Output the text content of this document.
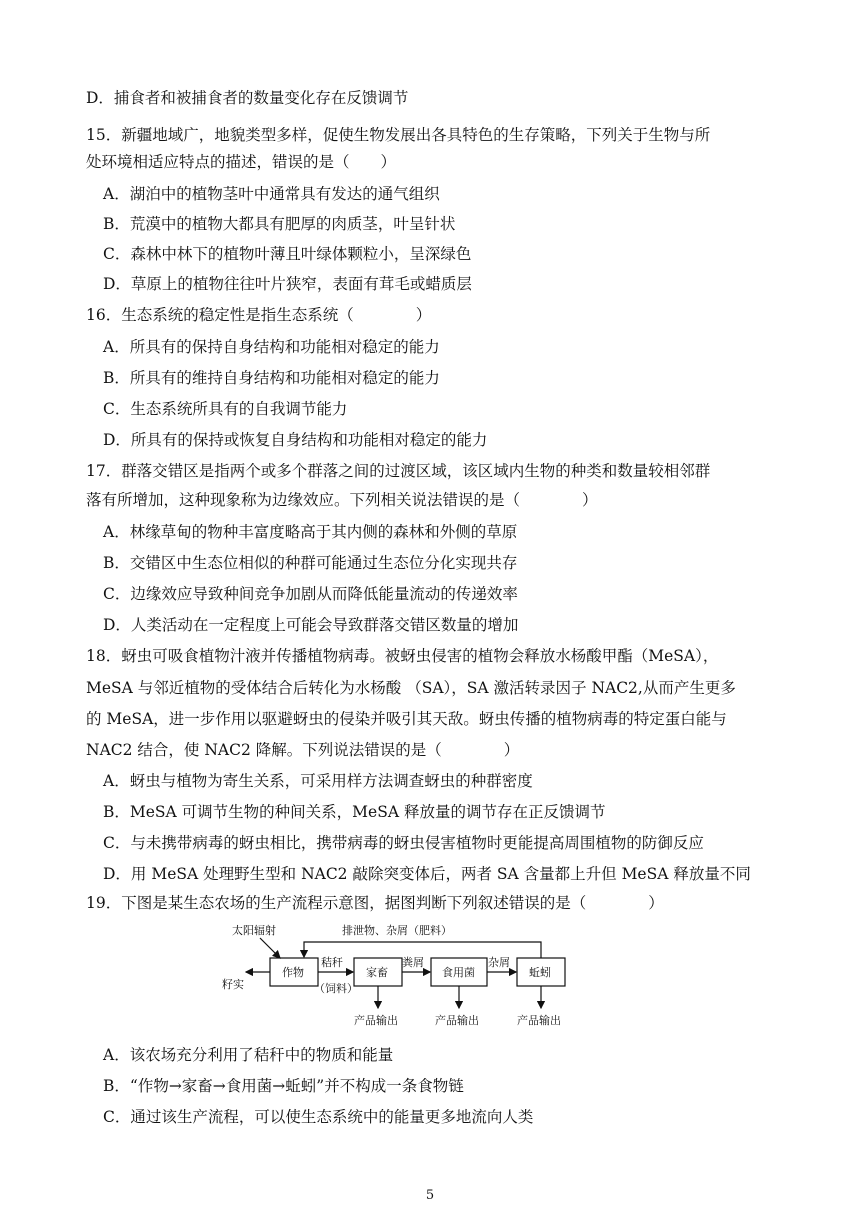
D．捕食者和被捕食者的数量变化存在反馈调节
15．新疆地域广，地貌类型多样，促使生物发展出各具特色的生存策略，下列关于生物与所
处环境相适应特点的描述，错误的是（　　）
A．湖泊中的植物茎叶中通常具有发达的通气组织
B．荒漠中的植物大都具有肥厚的肉质茎，叶呈针状
C．森林中林下的植物叶薄且叶绿体颗粒小，呈深绿色
D．草原上的植物往往叶片狭窄，表面有茸毛或蜡质层
16．生态系统的稳定性是指生态系统（　　　　）
A．所具有的保持自身结构和功能相对稳定的能力
B．所具有的维持自身结构和功能相对稳定的能力
C．生态系统所具有的自我调节能力
D．所具有的保持或恢复自身结构和功能相对稳定的能力
17．群落交错区是指两个或多个群落之间的过渡区域，该区域内生物的种类和数量较相邻群
落有所增加，这种现象称为边缘效应。下列相关说法错误的是（　　　　）
A．林缘草甸的物种丰富度略高于其内侧的森林和外侧的草原
B．交错区中生态位相似的种群可能通过生态位分化实现共存
C．边缘效应导致种间竞争加剧从而降低能量流动的传递效率
D．人类活动在一定程度上可能会导致群落交错区数量的增加
18．蚜虫可吸食植物汁液并传播植物病毒。被蚜虫侵害的植物会释放水杨酸甲酯（MeSA），
MeSA 与邻近植物的受体结合后转化为水杨酸 （SA），SA 激活转录因子 NAC2,从而产生更多
的 MeSA，进一步作用以驱避蚜虫的侵染并吸引其天敌。蚜虫传播的植物病毒的特定蛋白能与
NAC2 结合，使 NAC2 降解。下列说法错误的是（　　　　）
A．蚜虫与植物为寄生关系，可采用样方法调查蚜虫的种群密度
B．MeSA 可调节生物的种间关系，MeSA 释放量的调节存在正反馈调节
C．与未携带病毒的蚜虫相比，携带病毒的蚜虫侵害植物时更能提高周围植物的防御反应
D．用 MeSA 处理野生型和 NAC2 敲除突变体后，两者 SA 含量都上升但 MeSA 释放量不同
19．下图是某生态农场的生产流程示意图，据图判断下列叙述错误的是（　　　　）
作物	家畜	食用菌	蚯蚓
太阳辐射	排泄物、杂屑（肥料）
籽实
秸秆
（饲料）
粪屑	杂屑
产品输出	产品输出	产品输出
A．该农场充分利用了秸秆中的物质和能量
B．“作物→家畜→食用菌→蚯蚓”并不构成一条食物链
C．通过该生产流程，可以使生态系统中的能量更多地流向人类
5
